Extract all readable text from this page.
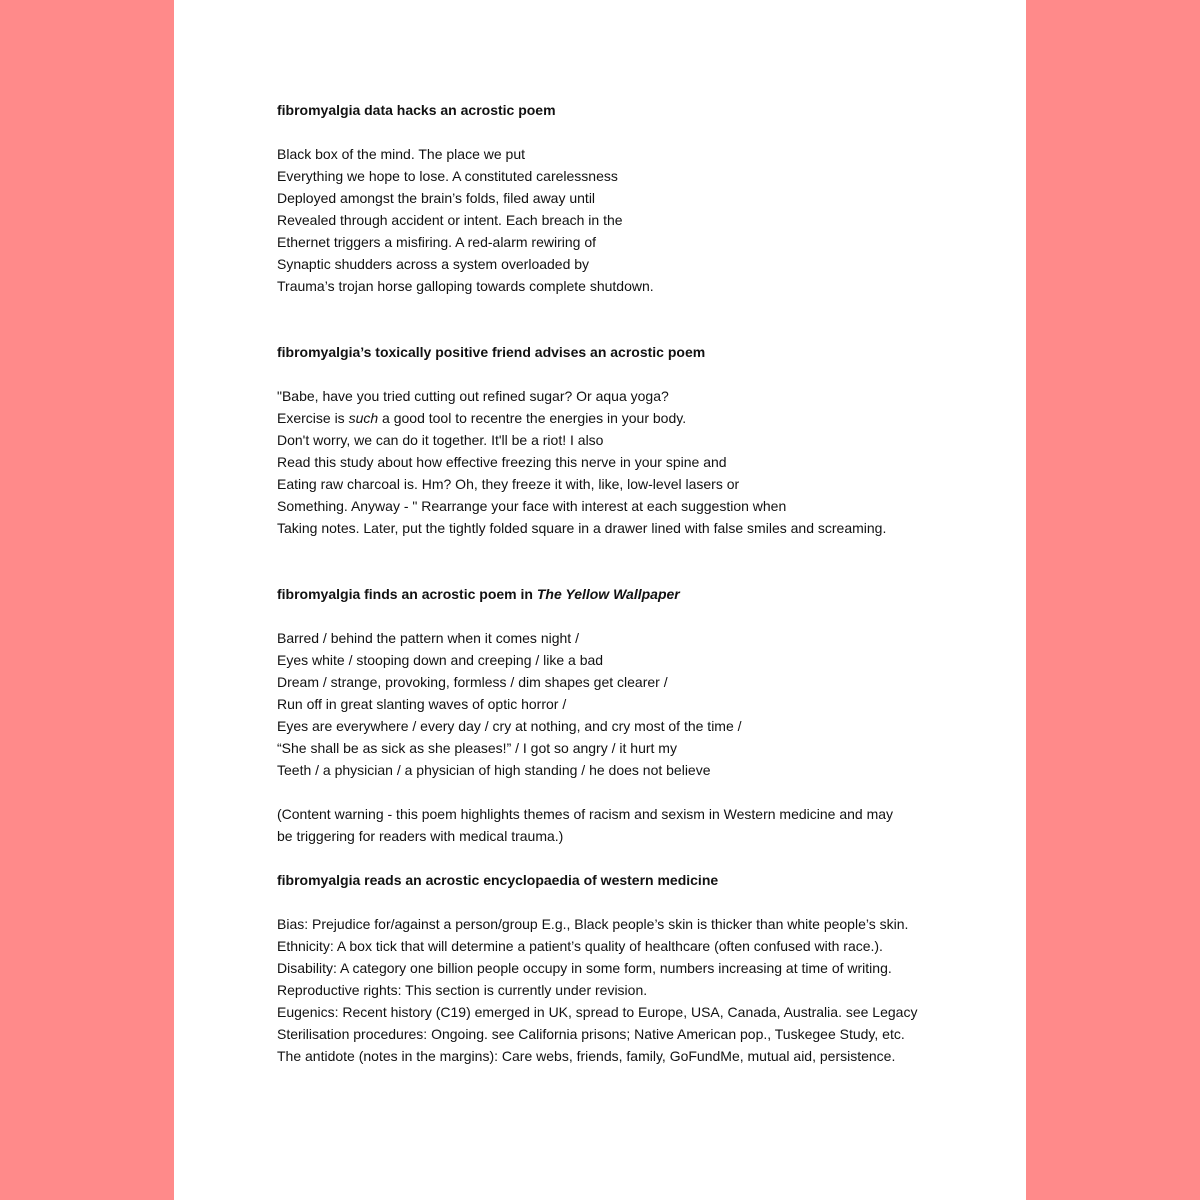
fibromyalgia data hacks an acrostic poem
Black box of the mind. The place we put
Everything we hope to lose. A constituted carelessness
Deployed amongst the brain’s folds, filed away until
Revealed through accident or intent. Each breach in the
Ethernet triggers a misfiring. A red-alarm rewiring of
Synaptic shudders across a system overloaded by
Trauma’s trojan horse galloping towards complete shutdown.
fibromyalgia’s toxically positive friend advises an acrostic poem
"Babe, have you tried cutting out refined sugar? Or aqua yoga?
Exercise is such a good tool to recentre the energies in your body.
Don't worry, we can do it together. It'll be a riot! I also
Read this study about how effective freezing this nerve in your spine and
Eating raw charcoal is. Hm? Oh, they freeze it with, like, low-level lasers or
Something. Anyway - " Rearrange your face with interest at each suggestion when
Taking notes. Later, put the tightly folded square in a drawer lined with false smiles and screaming.
fibromyalgia finds an acrostic poem in The Yellow Wallpaper
Barred / behind the pattern when it comes night /
Eyes white / stooping down and creeping / like a bad
Dream / strange, provoking, formless / dim shapes get clearer /
Run off in great slanting waves of optic horror /
Eyes are everywhere / every day / cry at nothing, and cry most of the time /
“She shall be as sick as she pleases!” / I got so angry / it hurt my
Teeth / a physician / a physician of high standing / he does not believe
(Content warning - this poem highlights themes of racism and sexism in Western medicine and may
be triggering for readers with medical trauma.)
fibromyalgia reads an acrostic encyclopaedia of western medicine
Bias: Prejudice for/against a person/group E.g., Black people’s skin is thicker than white people’s skin.
Ethnicity: A box tick that will determine a patient’s quality of healthcare (often confused with race.).
Disability: A category one billion people occupy in some form, numbers increasing at time of writing.
Reproductive rights: This section is currently under revision.
Eugenics: Recent history (C19) emerged in UK, spread to Europe, USA, Canada, Australia. see Legacy
Sterilisation procedures: Ongoing. see California prisons; Native American pop., Tuskegee Study, etc.
The antidote (notes in the margins): Care webs, friends, family, GoFundMe, mutual aid, persistence.
